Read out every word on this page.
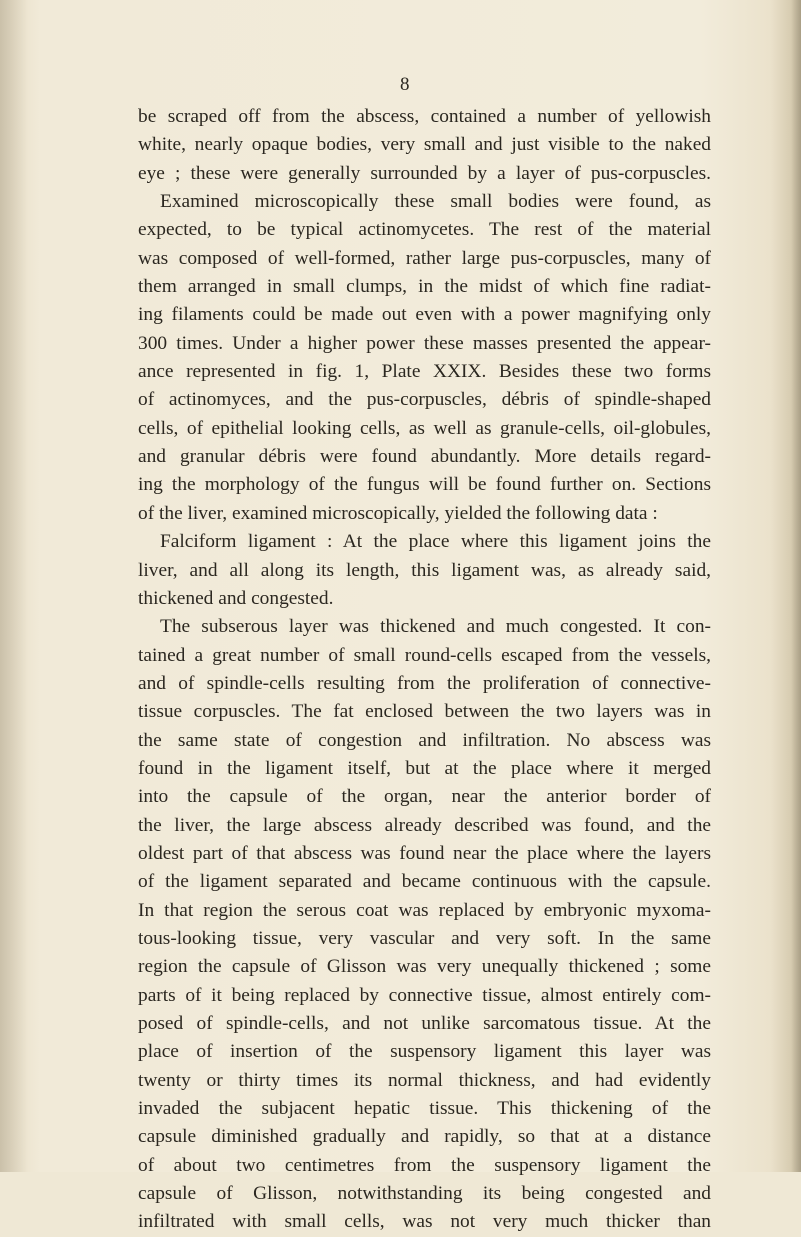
8
be scraped off from the abscess, contained a number of yellowish
white, nearly opaque bodies, very small and just visible to the naked
eye ; these were generally surrounded by a layer of pus-corpuscles.
Examined microscopically these small bodies were found, as
expected, to be typical actinomycetes. The rest of the material
was composed of well-formed, rather large pus-corpuscles, many of
them arranged in small clumps, in the midst of which fine radiat-
ing filaments could be made out even with a power magnifying only
300 times. Under a higher power these masses presented the appear-
ance represented in fig. 1, Plate XXIX. Besides these two forms
of actinomyces, and the pus-corpuscles, débris of spindle-shaped
cells, of epithelial looking cells, as well as granule-cells, oil-globules,
and granular débris were found abundantly. More details regard-
ing the morphology of the fungus will be found further on. Sections
of the liver, examined microscopically, yielded the following data :
Falciform ligament : At the place where this ligament joins the
liver, and all along its length, this ligament was, as already said,
thickened and congested.
The subserous layer was thickened and much congested. It con-
tained a great number of small round-cells escaped from the vessels,
and of spindle-cells resulting from the proliferation of connective-
tissue corpuscles. The fat enclosed between the two layers was in
the same state of congestion and infiltration. No abscess was
found in the ligament itself, but at the place where it merged
into the capsule of the organ, near the anterior border of
the liver, the large abscess already described was found, and the
oldest part of that abscess was found near the place where the layers
of the ligament separated and became continuous with the capsule.
In that region the serous coat was replaced by embryonic myxoma-
tous-looking tissue, very vascular and very soft. In the same
region the capsule of Glisson was very unequally thickened ; some
parts of it being replaced by connective tissue, almost entirely com-
posed of spindle-cells, and not unlike sarcomatous tissue. At the
place of insertion of the suspensory ligament this layer was
twenty or thirty times its normal thickness, and had evidently
invaded the subjacent hepatic tissue. This thickening of the
capsule diminished gradually and rapidly, so that at a distance
of about two centimetres from the suspensory ligament the
capsule of Glisson, notwithstanding its being congested and
infiltrated with small cells, was not very much thicker than
